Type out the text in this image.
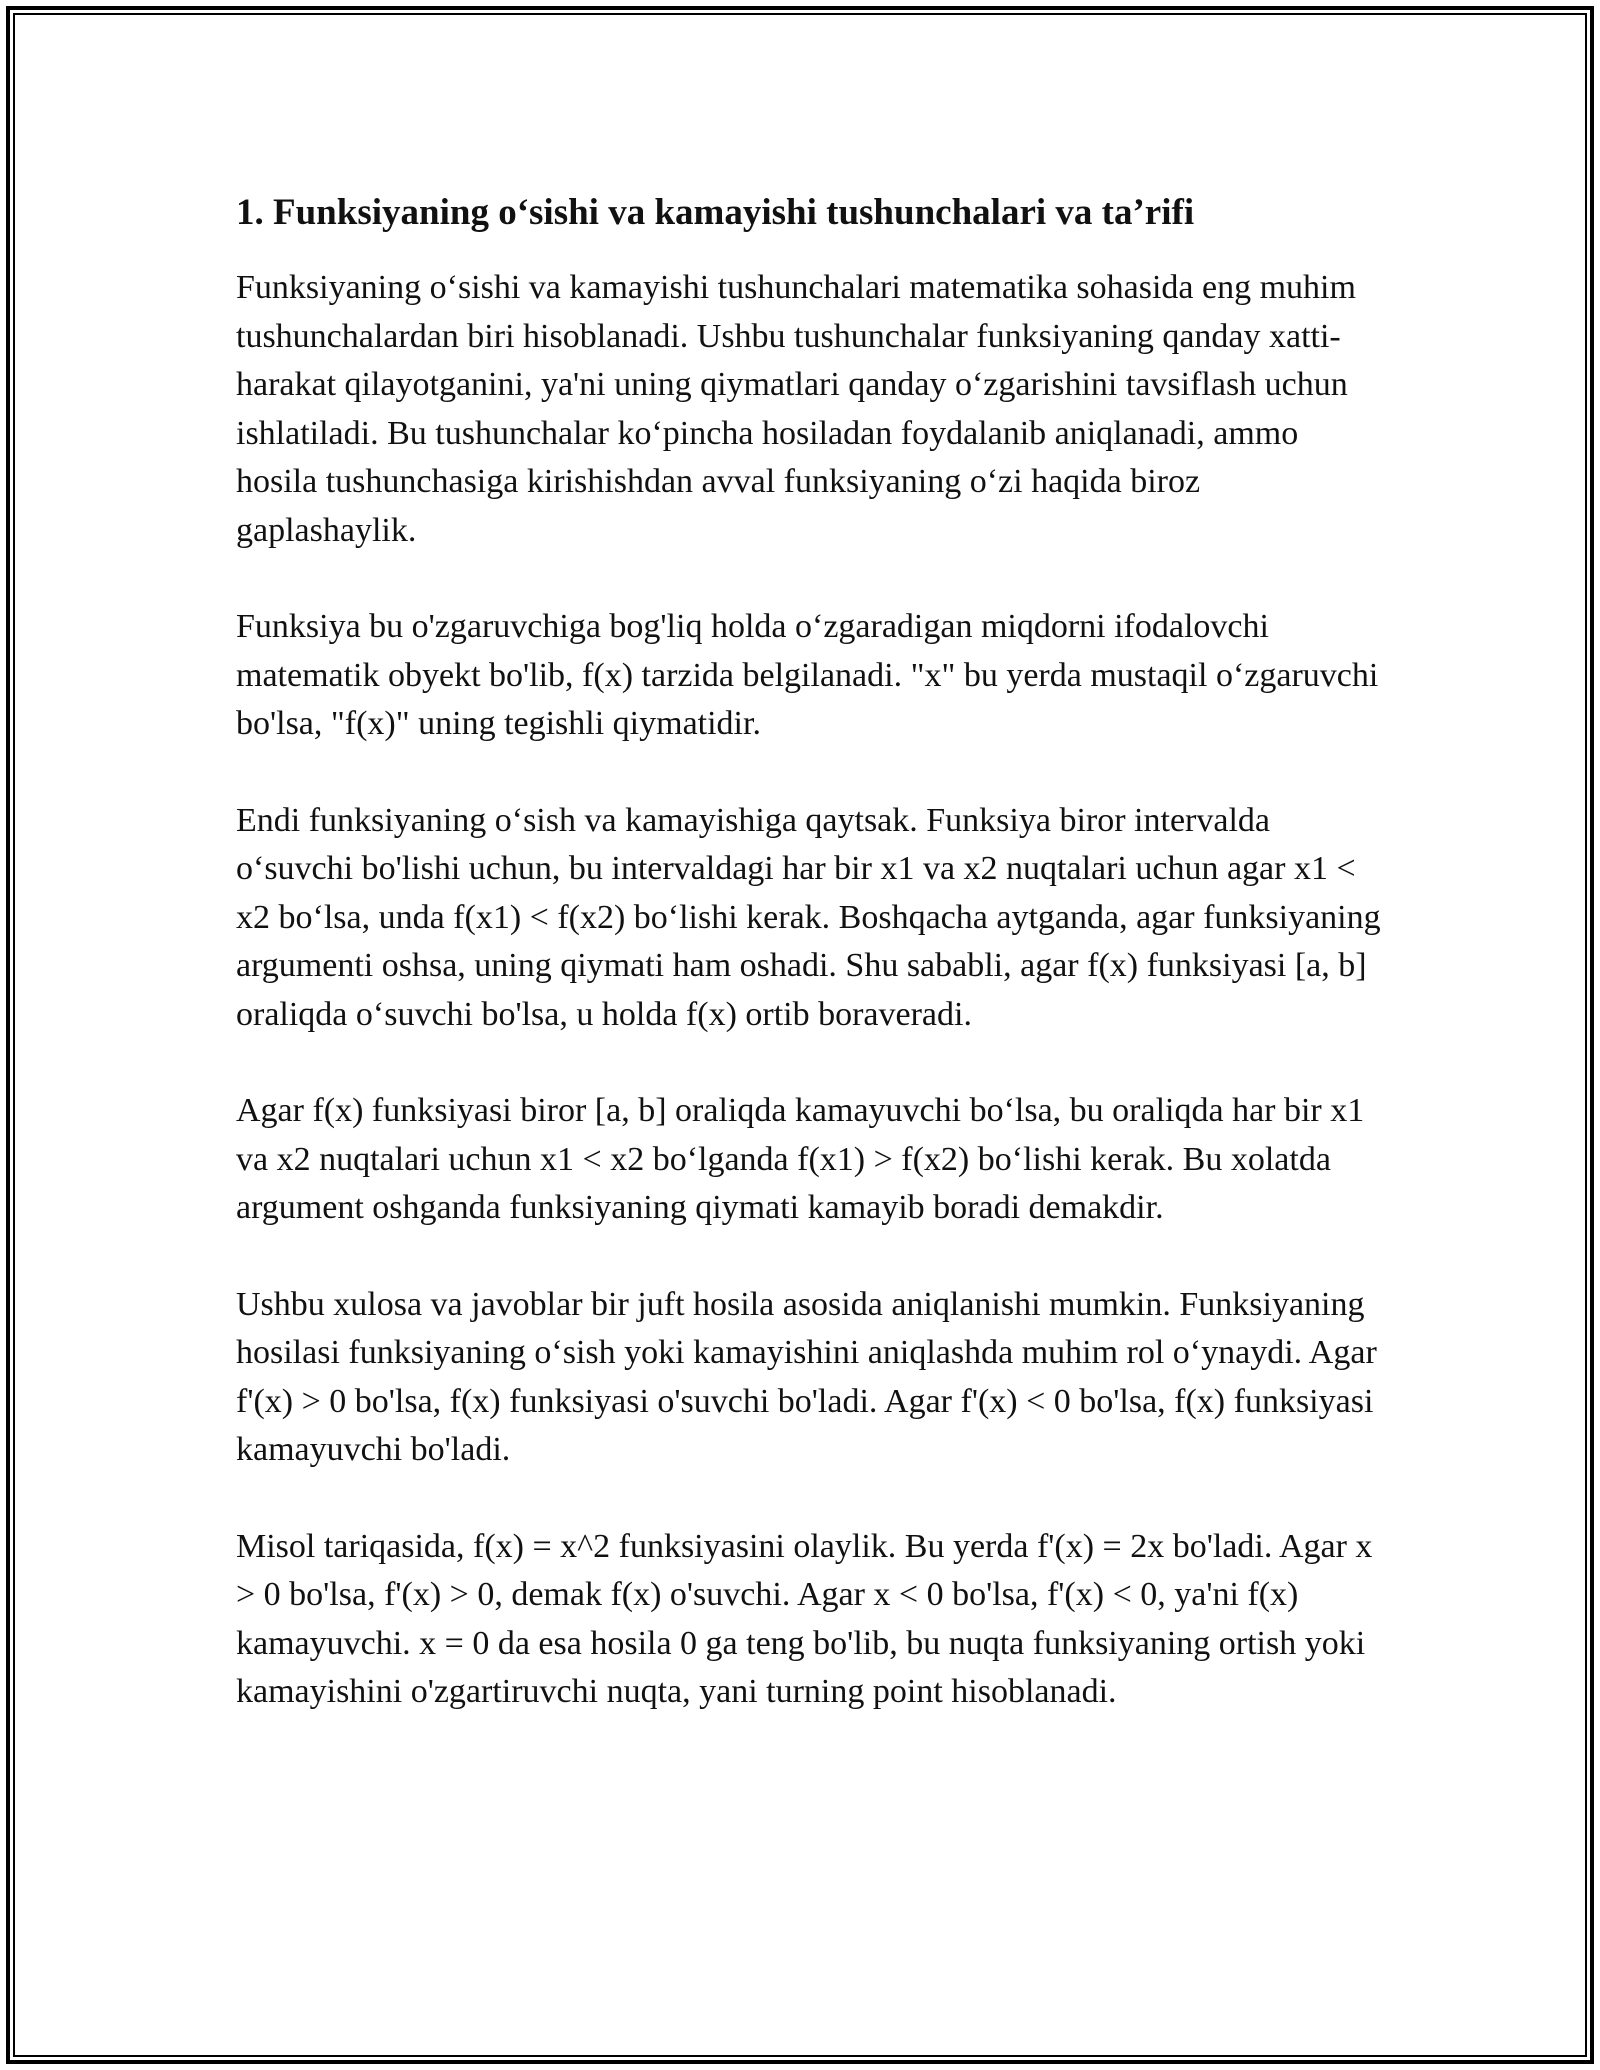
1. Funksiyaning o‘sishi va kamayishi tushunchalari va ta’rifi

Funksiyaning o‘sishi va kamayishi tushunchalari matematika sohasida eng muhim tushunchalardan biri hisoblanadi. Ushbu tushunchalar funksiyaning qanday xatti-harakat qilayotganini, ya'ni uning qiymatlari qanday o‘zgarishini tavsiflash uchun ishlatiladi. Bu tushunchalar ko‘pincha hosiladan foydalanib aniqlanadi, ammo hosila tushunchasiga kirishishdan avval funksiyaning o‘zi haqida biroz gaplashaylik.

Funksiya bu o'zgaruvchiga bog'liq holda o‘zgaradigan miqdorni ifodalovchi matematik obyekt bo'lib, f(x) tarzida belgilanadi. "x" bu yerda mustaqil o‘zgaruvchi bo'lsa, "f(x)" uning tegishli qiymatidir.

Endi funksiyaning o‘sish va kamayishiga qaytsak. Funksiya biror intervalda o‘suvchi bo'lishi uchun, bu intervaldagi har bir x1 va x2 nuqtalari uchun agar x1 < x2 bo‘lsa, unda f(x1) < f(x2) bo‘lishi kerak. Boshqacha aytganda, agar funksiyaning argumenti oshsa, uning qiymati ham oshadi. Shu sababli, agar f(x) funksiyasi [a, b] oraliqda o‘suvchi bo'lsa, u holda f(x) ortib boraveradi.

Agar f(x) funksiyasi biror [a, b] oraliqda kamayuvchi bo‘lsa, bu oraliqda har bir x1 va x2 nuqtalari uchun x1 < x2 bo‘lganda f(x1) > f(x2) bo‘lishi kerak. Bu xolatda argument oshganda funksiyaning qiymati kamayib boradi demakdir.

Ushbu xulosa va javoblar bir juft hosila asosida aniqlanishi mumkin. Funksiyaning hosilasi funksiyaning o‘sish yoki kamayishini aniqlashda muhim rol o‘ynaydi. Agar f'(x) > 0 bo'lsa, f(x) funksiyasi o'suvchi bo'ladi. Agar f'(x) < 0 bo'lsa, f(x) funksiyasi kamayuvchi bo'ladi.

Misol tariqasida, f(x) = x^2 funksiyasini olaylik. Bu yerda f'(x) = 2x bo'ladi. Agar x > 0 bo'lsa, f'(x) > 0, demak f(x) o'suvchi. Agar x < 0 bo'lsa, f'(x) < 0, ya'ni f(x) kamayuvchi. x = 0 da esa hosila 0 ga teng bo'lib, bu nuqta funksiyaning ortish yoki kamayishini o'zgartiruvchi nuqta, yani turning point hisoblanadi.
